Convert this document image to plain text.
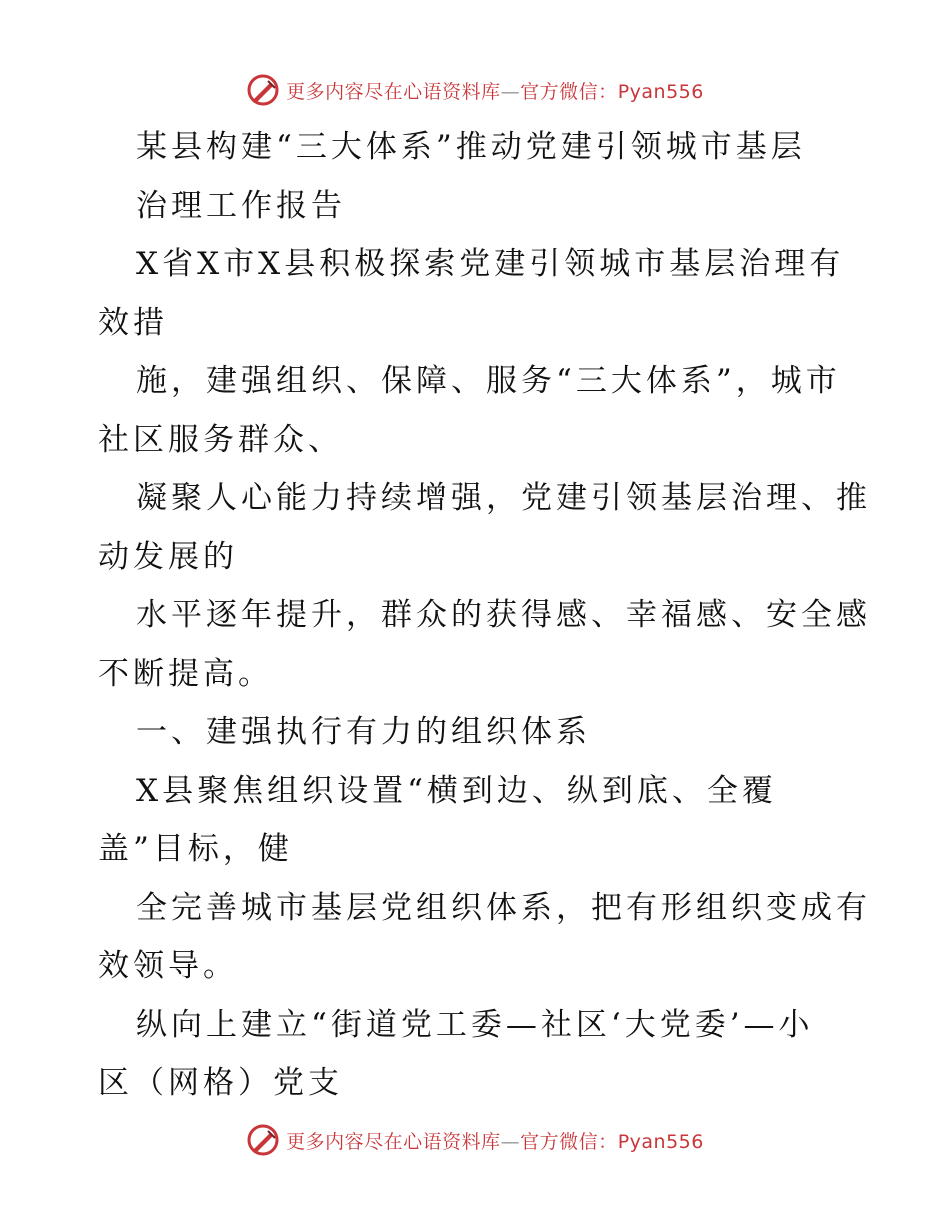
更多内容尽在心语资料库—官方微信：Pyan556
某县构建“三大体系”推动党建引领城市基层
治理工作报告
X省X市X县积极探索党建引领城市基层治理有
效措
施，建强组织、保障、服务“三大体系”，城市
社区服务群众、
凝聚人心能力持续增强，党建引领基层治理、推
动发展的
水平逐年提升，群众的获得感、幸福感、安全感
不断提高。
一、建强执行有力的组织体系
X县聚焦组织设置“横到边、纵到底、全覆
盖”目标，健
全完善城市基层党组织体系，把有形组织变成有
效领导。
纵向上建立“街道党工委—社区‘大党委’—小
区（网格）党支
更多内容尽在心语资料库—官方微信：Pyan556
